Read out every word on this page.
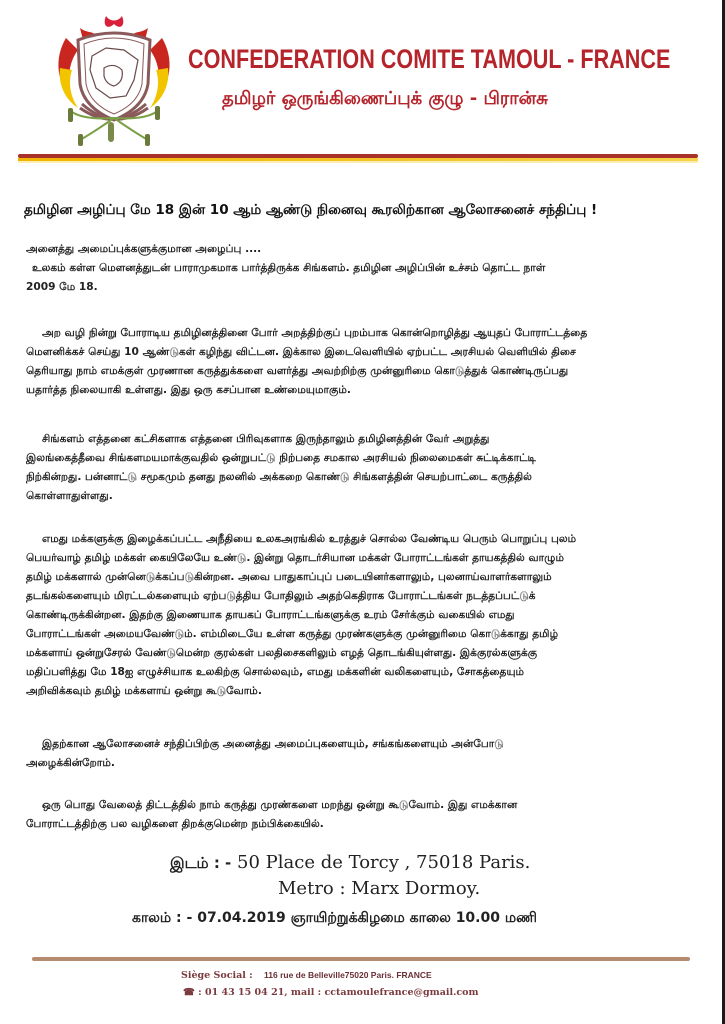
CONFEDERATION COMITE TAMOUL - FRANCE
தமிழர் ஒருங்கிணைப்புக் குழு - பிரான்சு
தமிழின அழிப்பு மே 18 இன் 10 ஆம் ஆண்டு நினைவு கூரலிற்கான ஆலோசனைச் சந்திப்பு !
அனைத்து அமைப்புக்களுக்குமான அழைப்பு ....
உலகம் கள்ள மௌனத்துடன் பாராமுகமாக பார்த்திருக்க சிங்களம். தமிழின அழிப்பின் உச்சம் தொட்ட நாள்
2009 மே 18.
அற வழி நின்று போராடிய தமிழினத்தினை போர் அறத்திற்குப் புறம்பாக கொன்றொழித்து ஆயுதப் போராட்டத்தை
மௌனிக்கச் செய்து 10 ஆண்டுகள் கழிந்து விட்டன. இக்கால இடைவெளியில் ஏற்பட்ட அரசியல் வெளியில் திசை
தெரியாது நாம் எமக்குள் முரணான கருத்துக்களை வளர்த்து அவற்றிற்கு முன்னுரிமை கொடுத்துக் கொண்டிருப்பது
யதார்த்த நிலையாகி உள்ளது. இது ஒரு கசப்பான உண்மையுமாகும்.
சிங்களம் எத்தனை கட்சிகளாக எத்தனை பிரிவுகளாக இருந்தாலும் தமிழினத்தின் வேர் அறுத்து
இலங்கைத்தீவை சிங்களமயமாக்குவதில் ஒன்றுபட்டு நிற்பதை சமகால அரசியல் நிலைமைகள் சுட்டிக்காட்டி
நிற்கின்றது. பன்னாட்டு சமூகமும் தனது நலனில் அக்கறை கொண்டு சிங்களத்தின் செயற்பாட்டை கருத்தில்
கொள்ளாதுள்ளது.
எமது மக்களுக்கு இழைக்கப்பட்ட அநீதியை உலகஅரங்கில் உரத்துச் சொல்ல வேண்டிய பெரும் பொறுப்பு புலம்
பெயர்வாழ் தமிழ் மக்கள் கையிலேயே உண்டு. இன்று தொடர்சியான மக்கள் போராட்டங்கள் தாயகத்தில் வாழும்
தமிழ் மக்களால் முன்னெடுக்கப்படுகின்றன. அவை பாதுகாப்புப் படையினர்களாலும், புலனாய்வாளர்களாலும்
தடங்கல்களையும் மிரட்டல்களையும் ஏற்படுத்திய போதிலும் அதற்கெதிராக போராட்டங்கள் நடத்தப்பட்டுக்
கொண்டிருக்கின்றன. இதற்கு இணையாக தாயகப் போராட்டங்களுக்கு உரம் சேர்க்கும் வகையில் எமது
போராட்டங்கள் அமையவேண்டும். எம்மிடையே உள்ள கருத்து முரண்களுக்கு முன்னுரிமை கொடுக்காது தமிழ்
மக்களாய் ஒன்றுசேரல் வேண்டுமென்ற குரல்கள் பலதிசைகளிலும் எழத் தொடங்கியுள்ளது. இக்குரல்களுக்கு
மதிப்பளித்து மே 18ஐ எழுச்சியாக உலகிற்கு சொல்லவும், எமது மக்களின் வலிகளையும், சோகத்தையும்
அறிவிக்கவும் தமிழ் மக்களாய் ஒன்று கூடுவோம்.
இதற்கான ஆலோசனைச் சந்திப்பிற்கு அனைத்து அமைப்புகளையும், சங்கங்களையும் அன்போடு
அழைக்கின்றோம்.
ஒரு பொது வேலைத் திட்டத்தில் நாம் கருத்து முரண்களை மறந்து ஒன்று கூடுவோம். இது எமக்கான
போராட்டத்திற்கு பல வழிகளை திறக்குமென்ற நம்பிக்கையில்.
இடம் : - 50 Place de Torcy , 75018 Paris.
Metro : Marx Dormoy.
காலம் : - 07.04.2019 ஞாயிற்றுக்கிழமை காலை 10.00 மணி
Siège Social : 116 rue de Belleville75020 Paris. FRANCE
☎ : 01 43 15 04 21, mail : cctamoulefrance@gmail.com
